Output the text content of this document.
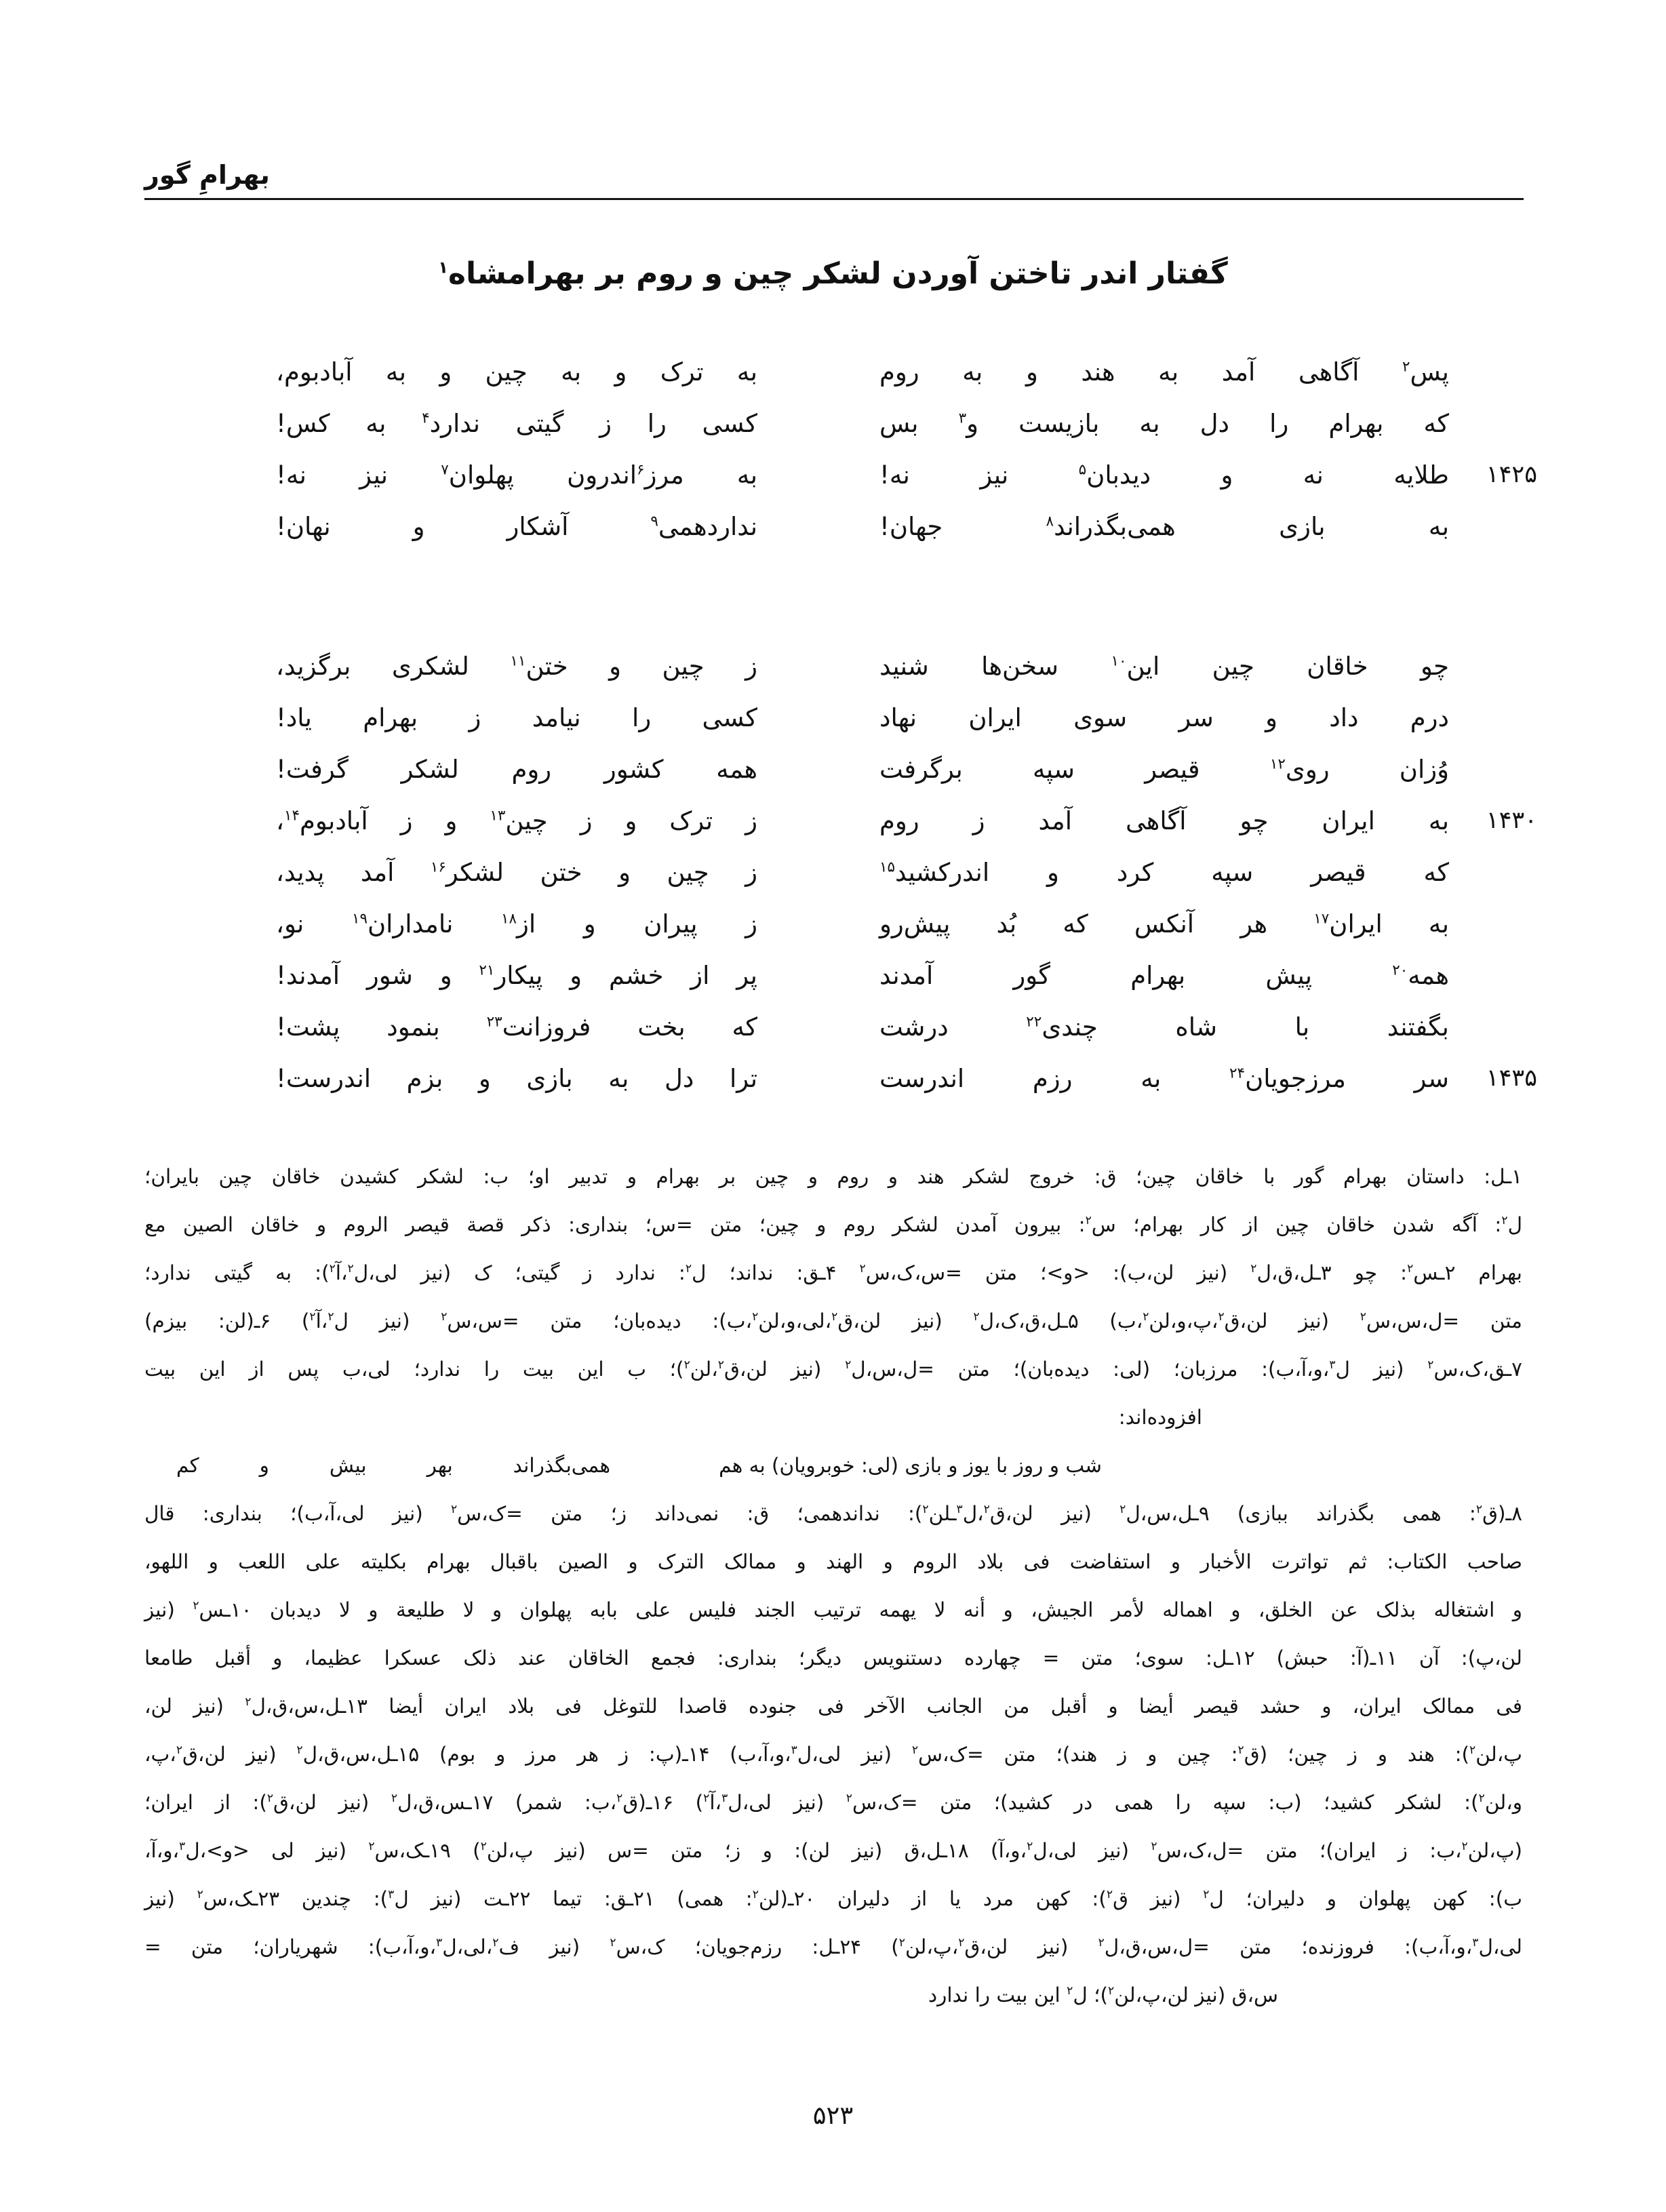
بهرامِ گور
گفتار اندر تاختن آوردن لشکر چین و روم بر بهرامشاه$^۱$
پس$^۲$ آگاهی آمد به هند و به روم
به ترک و به چین و به آبادبوم،
که بهرام را دل به بازیست و$^۳$ بس
کسی را ز گیتی ندارد$^۴$ به کس!
۱۴۲۵
طلایه نه و دیدبان$^۵$ نیز نه!
به مرز$^۶$اندرون پهلوان$^۷$ نیز نه!
به بازی همی‌بگذراند$^۸$ جهان!
نداردهمی$^۹$ آشکار و نهان!
چو خاقان چین این$^{۱۰}$ سخن‌ها شنید
ز چین و ختن$^{۱۱}$ لشکری برگزید،
درم داد و سر سوی ایران نهاد
کسی را نیامد ز بهرام یاد!
وُزان روی$^{۱۲}$ قیصر سپه برگرفت
همه کشور روم لشکر گرفت!
۱۴۳۰
به ایران چو آگاهی آمد ز روم
ز ترک و ز چین$^{۱۳}$ و ز آبادبوم$^{۱۴}$،
که قیصر سپه کرد و اندرکشید$^{۱۵}$
ز چین و ختن لشکر$^{۱۶}$ آمد پدید،
به ایران$^{۱۷}$ هر آنکس که بُد پیش‌رو
ز پیران و از$^{۱۸}$ نامداران$^{۱۹}$ نو،
همه$^{۲۰}$ پیش بهرام گور آمدند
پر از خشم و پیکار$^{۲۱}$ و شور آمدند!
بگفتند با شاه چندی$^{۲۲}$ درشت
که بخت فروزانت$^{۲۳}$ بنمود پشت!
۱۴۳۵
سر مرزجویان$^{۲۴}$ به رزم اندرست
ترا دل به بازی و بزم اندرست!
۱ـل: داستان بهرام گور با خاقان چین؛ ق: خروج لشکر هند و روم و چین بر بهرام و تدبیر او؛ ب: لشکر کشیدن خاقان چین بایران؛
ل$^۲$: آگه شدن خاقان چین از کار بهرام؛ س$^۲$: بیرون آمدن لشکر روم و چین؛ متن =س؛ بنداری: ذکر قصة قیصر الروم و خاقان الصین مع
بهرام ۲ـس$^۲$: چو ۳ـل،ق،ل$^۲$ (نیز لن،ب): <و>؛ متن =س،ک،س$^۲$ ۴ـق: نداند؛ ل$^۲$: ندارد ز گیتی؛ ک (نیز لی،ل$^۲$،آ$^۲$): به گیتی ندارد؛
متن =ل،س،س$^۲$ (نیز لن،ق$^۲$،پ،و،لن$^۲$،ب) ۵ـل،ق،ک،ل$^۲$ (نیز لن،ق$^۲$،لی،و،لن$^۲$،ب): دیده‌بان؛ متن =س،س$^۲$ (نیز ل$^۲$،آ$^۲$) ۶ـ(لن: بیزم)
۷ـق،ک،س$^۲$ (نیز ل$^۳$،و،آ،ب): مرزبان؛ (لی: دیده‌بان)؛ متن =ل،س،ل$^۲$ (نیز لن،ق$^۲$،لن$^۲$)؛ ب این بیت را ندارد؛ لی،ب پس از این بیت
افزوده‌اند:
شب و روز با یوز و بازی (لی: خوبرویان) به هم
همی‌بگذراند بهر بیش و کم
۸ـ(ق$^۲$: همی بگذراند ببازی) ۹ـل،س،ل$^۲$ (نیز لن،ق$^۲$،ل$^۳$ـلن$^۲$): نداندهمی؛ ق: نمی‌داند ز؛ متن =ک،س$^۲$ (نیز لی،آ،ب)؛ بنداری: قال
صاحب الکتاب: ثم تواترت الأخبار و استفاضت فی بلاد الروم و الهند و ممالک الترک و الصین باقبال بهرام بکلیته علی اللعب و اللهو،
و اشتغاله بذلک عن الخلق، و اهماله لأمر الجیش، و أنه لا یهمه ترتیب الجند فلیس علی بابه پهلوان و لا طلیعة و لا دیدبان ۱۰ـس$^۲$ (نیز
لن،پ): آن ۱۱ـ(آ: حبش) ۱۲ـل: سوی؛ متن = چهارده دستنویس دیگر؛ بنداری: فجمع الخاقان عند ذلک عسکرا عظیما، و أقبل طامعا
فی ممالک ایران، و حشد قیصر أیضا و أقبل من الجانب الآخر فی جنوده قاصدا للتوغل فی بلاد ایران أیضا ۱۳ـل،س،ق،ل$^۲$ (نیز لن،
پ،لن$^۲$): هند و ز چین؛ (ق$^۲$: چین و ز هند)؛ متن =ک،س$^۲$ (نیز لی،ل$^۳$،و،آ،ب) ۱۴ـ(پ: ز هر مرز و بوم) ۱۵ـل،س،ق،ل$^۲$ (نیز لن،ق$^۲$،پ،
و،لن$^۲$): لشکر کشید؛ (ب: سپه را همی در کشید)؛ متن =ک،س$^۲$ (نیز لی،ل$^۳$،آ$^۲$) ۱۶ـ(ق$^۲$،ب: شمر) ۱۷ـس،ق،ل$^۲$ (نیز لن،ق$^۲$): از ایران؛
(پ،لن$^۲$،ب: ز ایران)؛ متن =ل،ک،س$^۲$ (نیز لی،ل$^۲$،و،آ) ۱۸ـل،ق (نیز لن): و ز؛ متن =س (نیز پ،لن$^۲$) ۱۹ـک،س$^۲$ (نیز لی <و>،ل$^۳$،و،آ،
ب): کهن پهلوان و دلیران؛ ل$^۲$ (نیز ق$^۲$): کهن مرد یا از دلیران ۲۰ـ(لن$^۲$: همی) ۲۱ـق: تیما ۲۲ـت (نیز ل$^۳$): چندین ۲۳ـک،س$^۲$ (نیز
لی،ل$^۳$،و،آ،ب): فروزنده؛ متن =ل،س،ق،ل$^۲$ (نیز لن،ق$^۲$،پ،لن$^۲$) ۲۴ـل: رزم‌جویان؛ ک،س$^۲$ (نیز ف$^۲$،لی،ل$^۳$،و،آ،ب): شهریاران؛ متن =
س،ق (نیز لن،پ،لن$^۲$)؛ ل$^۲$ این بیت را ندارد
۵۲۳
